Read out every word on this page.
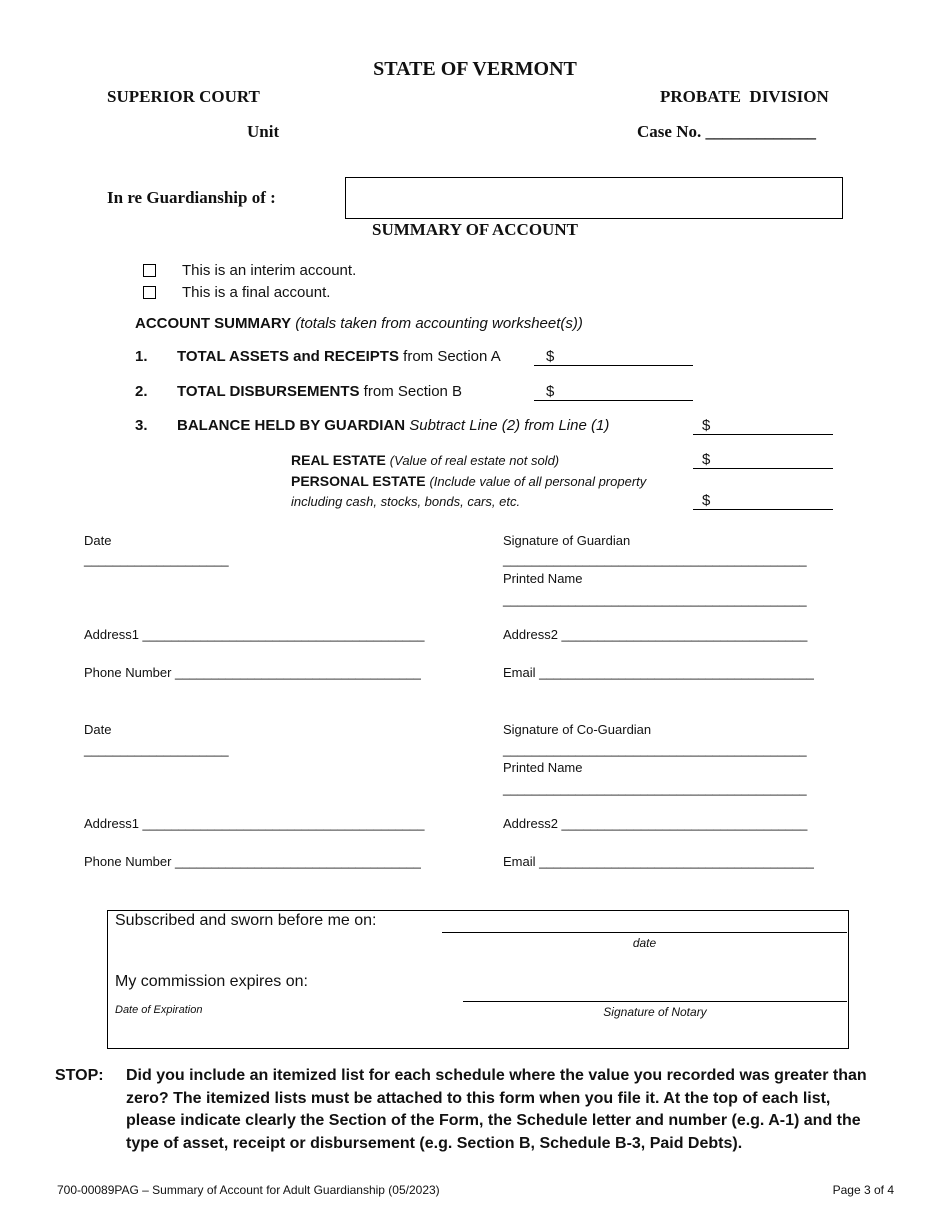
STATE OF VERMONT
SUPERIOR COURT	PROBATE  DIVISION
Unit	Case No. _____________
In re Guardianship of :
SUMMARY OF ACCOUNT
This is an interim account.
This is a final account.
ACCOUNT SUMMARY (totals taken from accounting worksheet(s))
1. TOTAL ASSETS and RECEIPTS from Section A	$
2. TOTAL DISBURSEMENTS from Section B	$
3. BALANCE HELD BY GUARDIAN Subtract Line (2) from Line (1)	$
REAL ESTATE (Value of real estate not sold)	$
PERSONAL ESTATE (Include value of all personal property
including cash, stocks, bonds, cars, etc.	$
Date
____________________
Signature of Guardian
__________________________________________
Printed Name
__________________________________________
Address1 _______________________________________	Address2 __________________________________
Phone Number __________________________________	Email ______________________________________
Date
____________________
Signature of Co-Guardian
__________________________________________
Printed Name
__________________________________________
Address1 _______________________________________	Address2 __________________________________
Phone Number __________________________________	Email ______________________________________
Subscribed and sworn before me on:
date
My commission expires on:
Date of Expiration	Signature of Notary
STOP: Did you include an itemized list for each schedule where the value you recorded was greater than
zero? The itemized lists must be attached to this form when you file it. At the top of each list,
please indicate clearly the Section of the Form, the Schedule letter and number (e.g. A-1) and the
type of asset, receipt or disbursement (e.g. Section B, Schedule B-3, Paid Debts).
700-00089PAG – Summary of Account for Adult Guardianship (05/2023)	Page 3 of 4
